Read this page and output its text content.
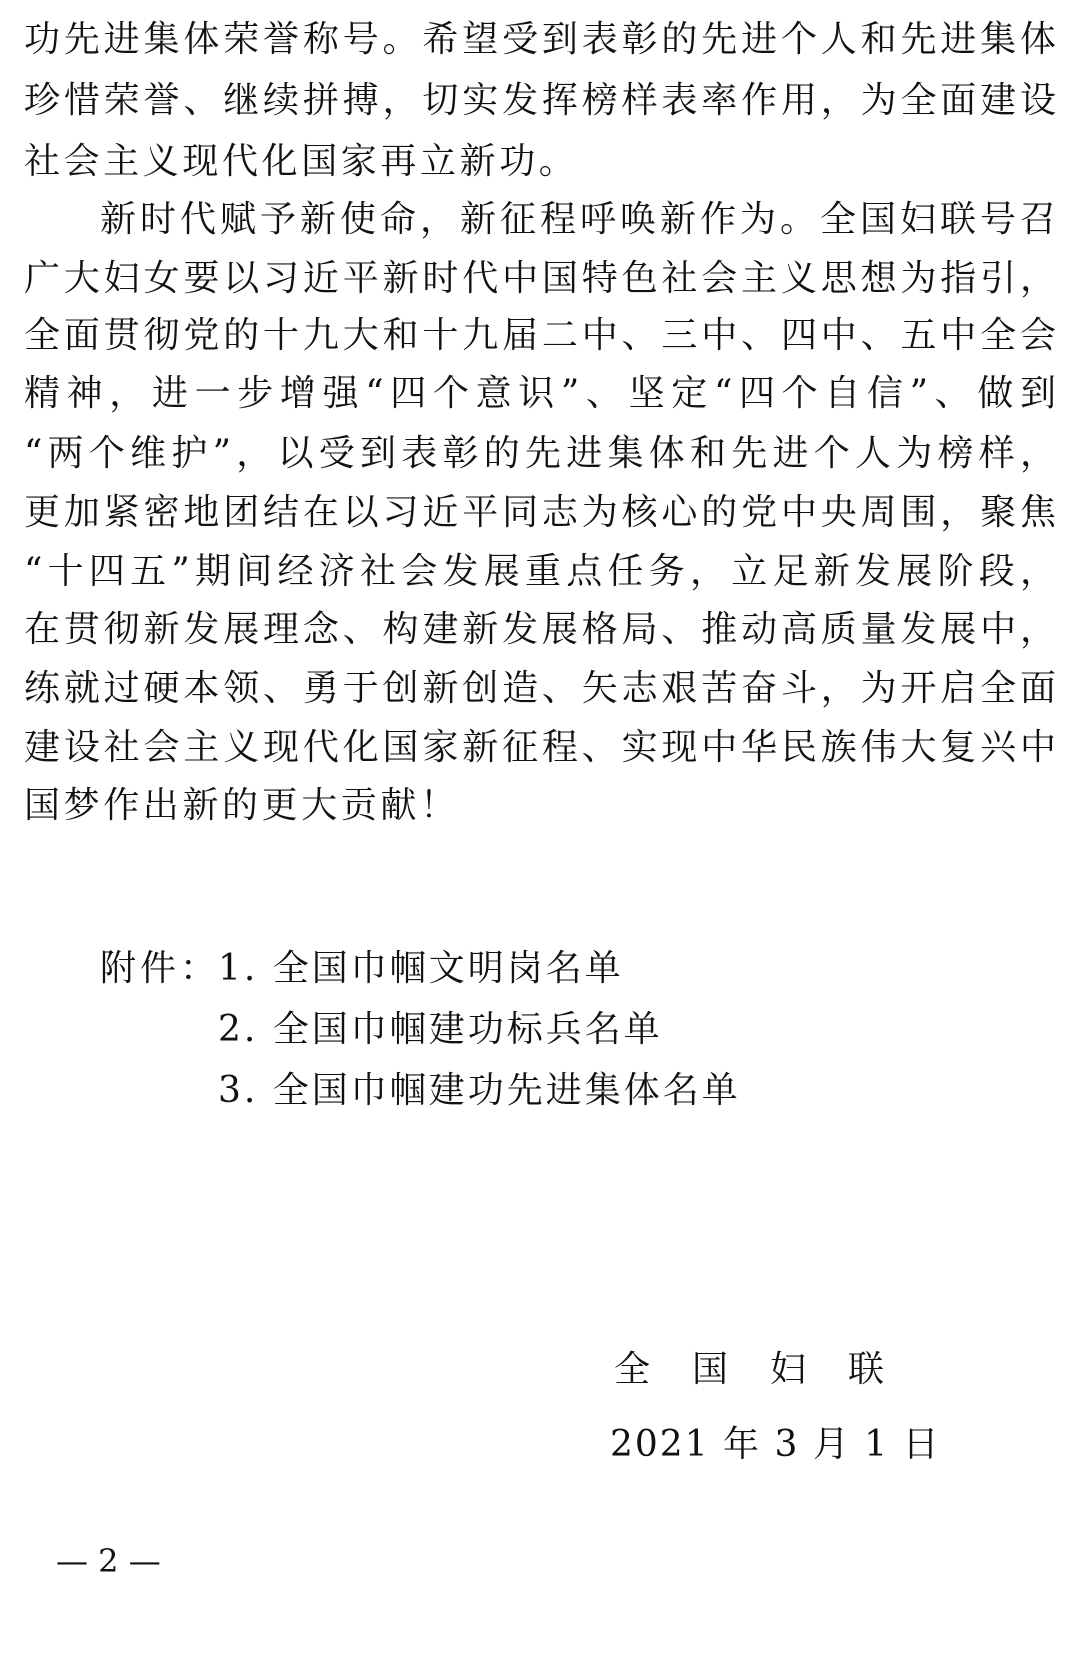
功先进集体荣誉称号。希望受到表彰的先进个人和先进集体
珍惜荣誉、继续拼搏，切实发挥榜样表率作用，为全面建设
社会主义现代化国家再立新功。
新时代赋予新使命，新征程呼唤新作为。全国妇联号召
广大妇女要以习近平新时代中国特色社会主义思想为指引，
全面贯彻党的十九大和十九届二中、三中、四中、五中全会
精神，进一步增强“四个意识”、坚定“四个自信”、做到
“两个维护”，以受到表彰的先进集体和先进个人为榜样，
更加紧密地团结在以习近平同志为核心的党中央周围，聚焦
“十四五”期间经济社会发展重点任务，立足新发展阶段，
在贯彻新发展理念、构建新发展格局、推动高质量发展中，
练就过硬本领、勇于创新创造、矢志艰苦奋斗，为开启全面
建设社会主义现代化国家新征程、实现中华民族伟大复兴中
国梦作出新的更大贡献！
附件：
1. 全国巾帼文明岗名单
2. 全国巾帼建功标兵名单
3. 全国巾帼建功先进集体名单
全国妇联
2021 年 3 月 1 日
— 2 —
